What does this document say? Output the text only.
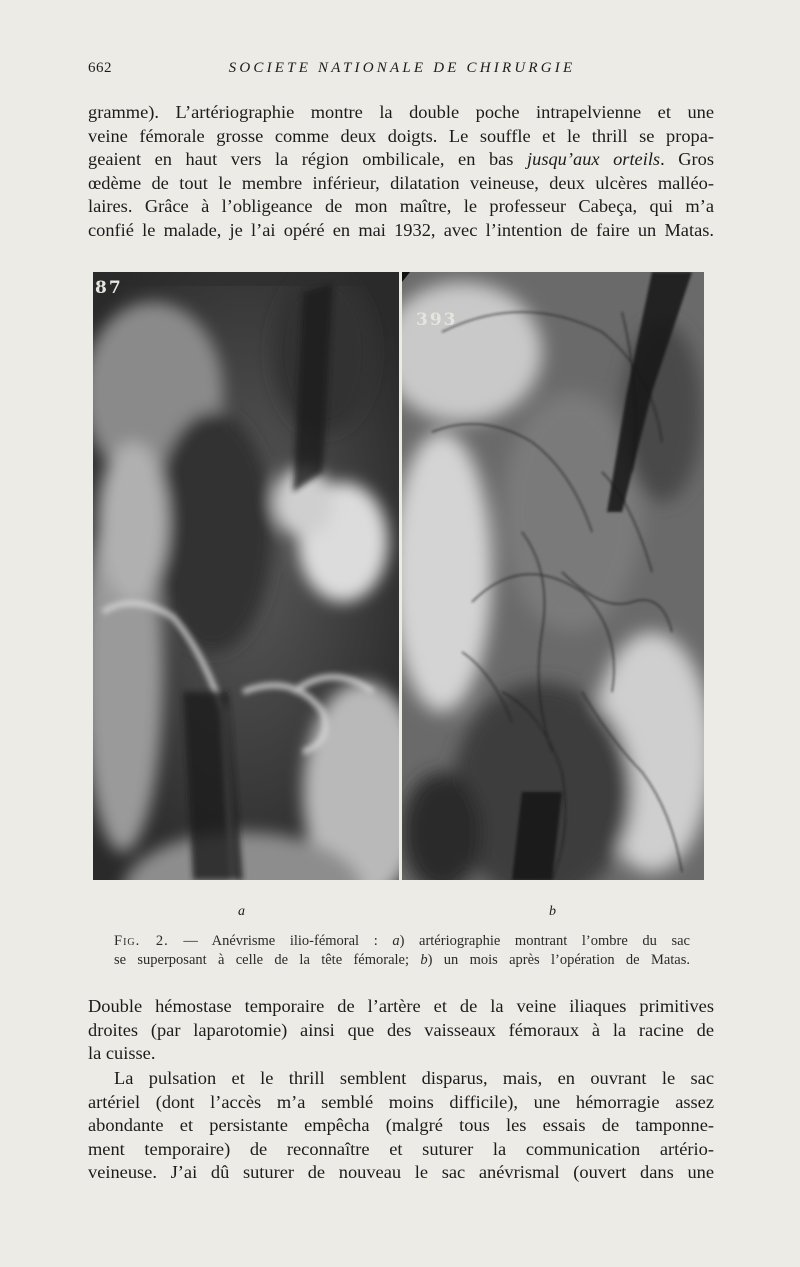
662	SOCIETE NATIONALE DE CHIRURGIE
gramme). L’artériographie montre la double poche intrapelvienne et une
veine fémorale grosse comme deux doigts. Le souffle et le thrill se propa-
geaient en haut vers la région ombilicale, en bas jusqu’aux orteils. Gros
œdème de tout le membre inférieur, dilatation veineuse, deux ulcères malléo-
laires. Grâce à l’obligeance de mon maître, le professeur Cabeça, qui m’a
confié le malade, je l’ai opéré en mai 1932, avec l’intention de faire un Matas.
87
393
a	b
Fig. 2. — Anévrisme ilio-fémoral : a) artériographie montrant l’ombre du sac
se superposant à celle de la tête fémorale; b) un mois après l’opération de Matas.
Double hémostase temporaire de l’artère et de la veine iliaques primitives
droites (par laparotomie) ainsi que des vaisseaux fémoraux à la racine de
la cuisse.
La pulsation et le thrill semblent disparus, mais, en ouvrant le sac
artériel (dont l’accès m’a semblé moins difficile), une hémorragie assez
abondante et persistante empêcha (malgré tous les essais de tamponne-
ment temporaire) de reconnaître et suturer la communication artério-
veineuse. J’ai dû suturer de nouveau le sac anévrismal (ouvert dans une
